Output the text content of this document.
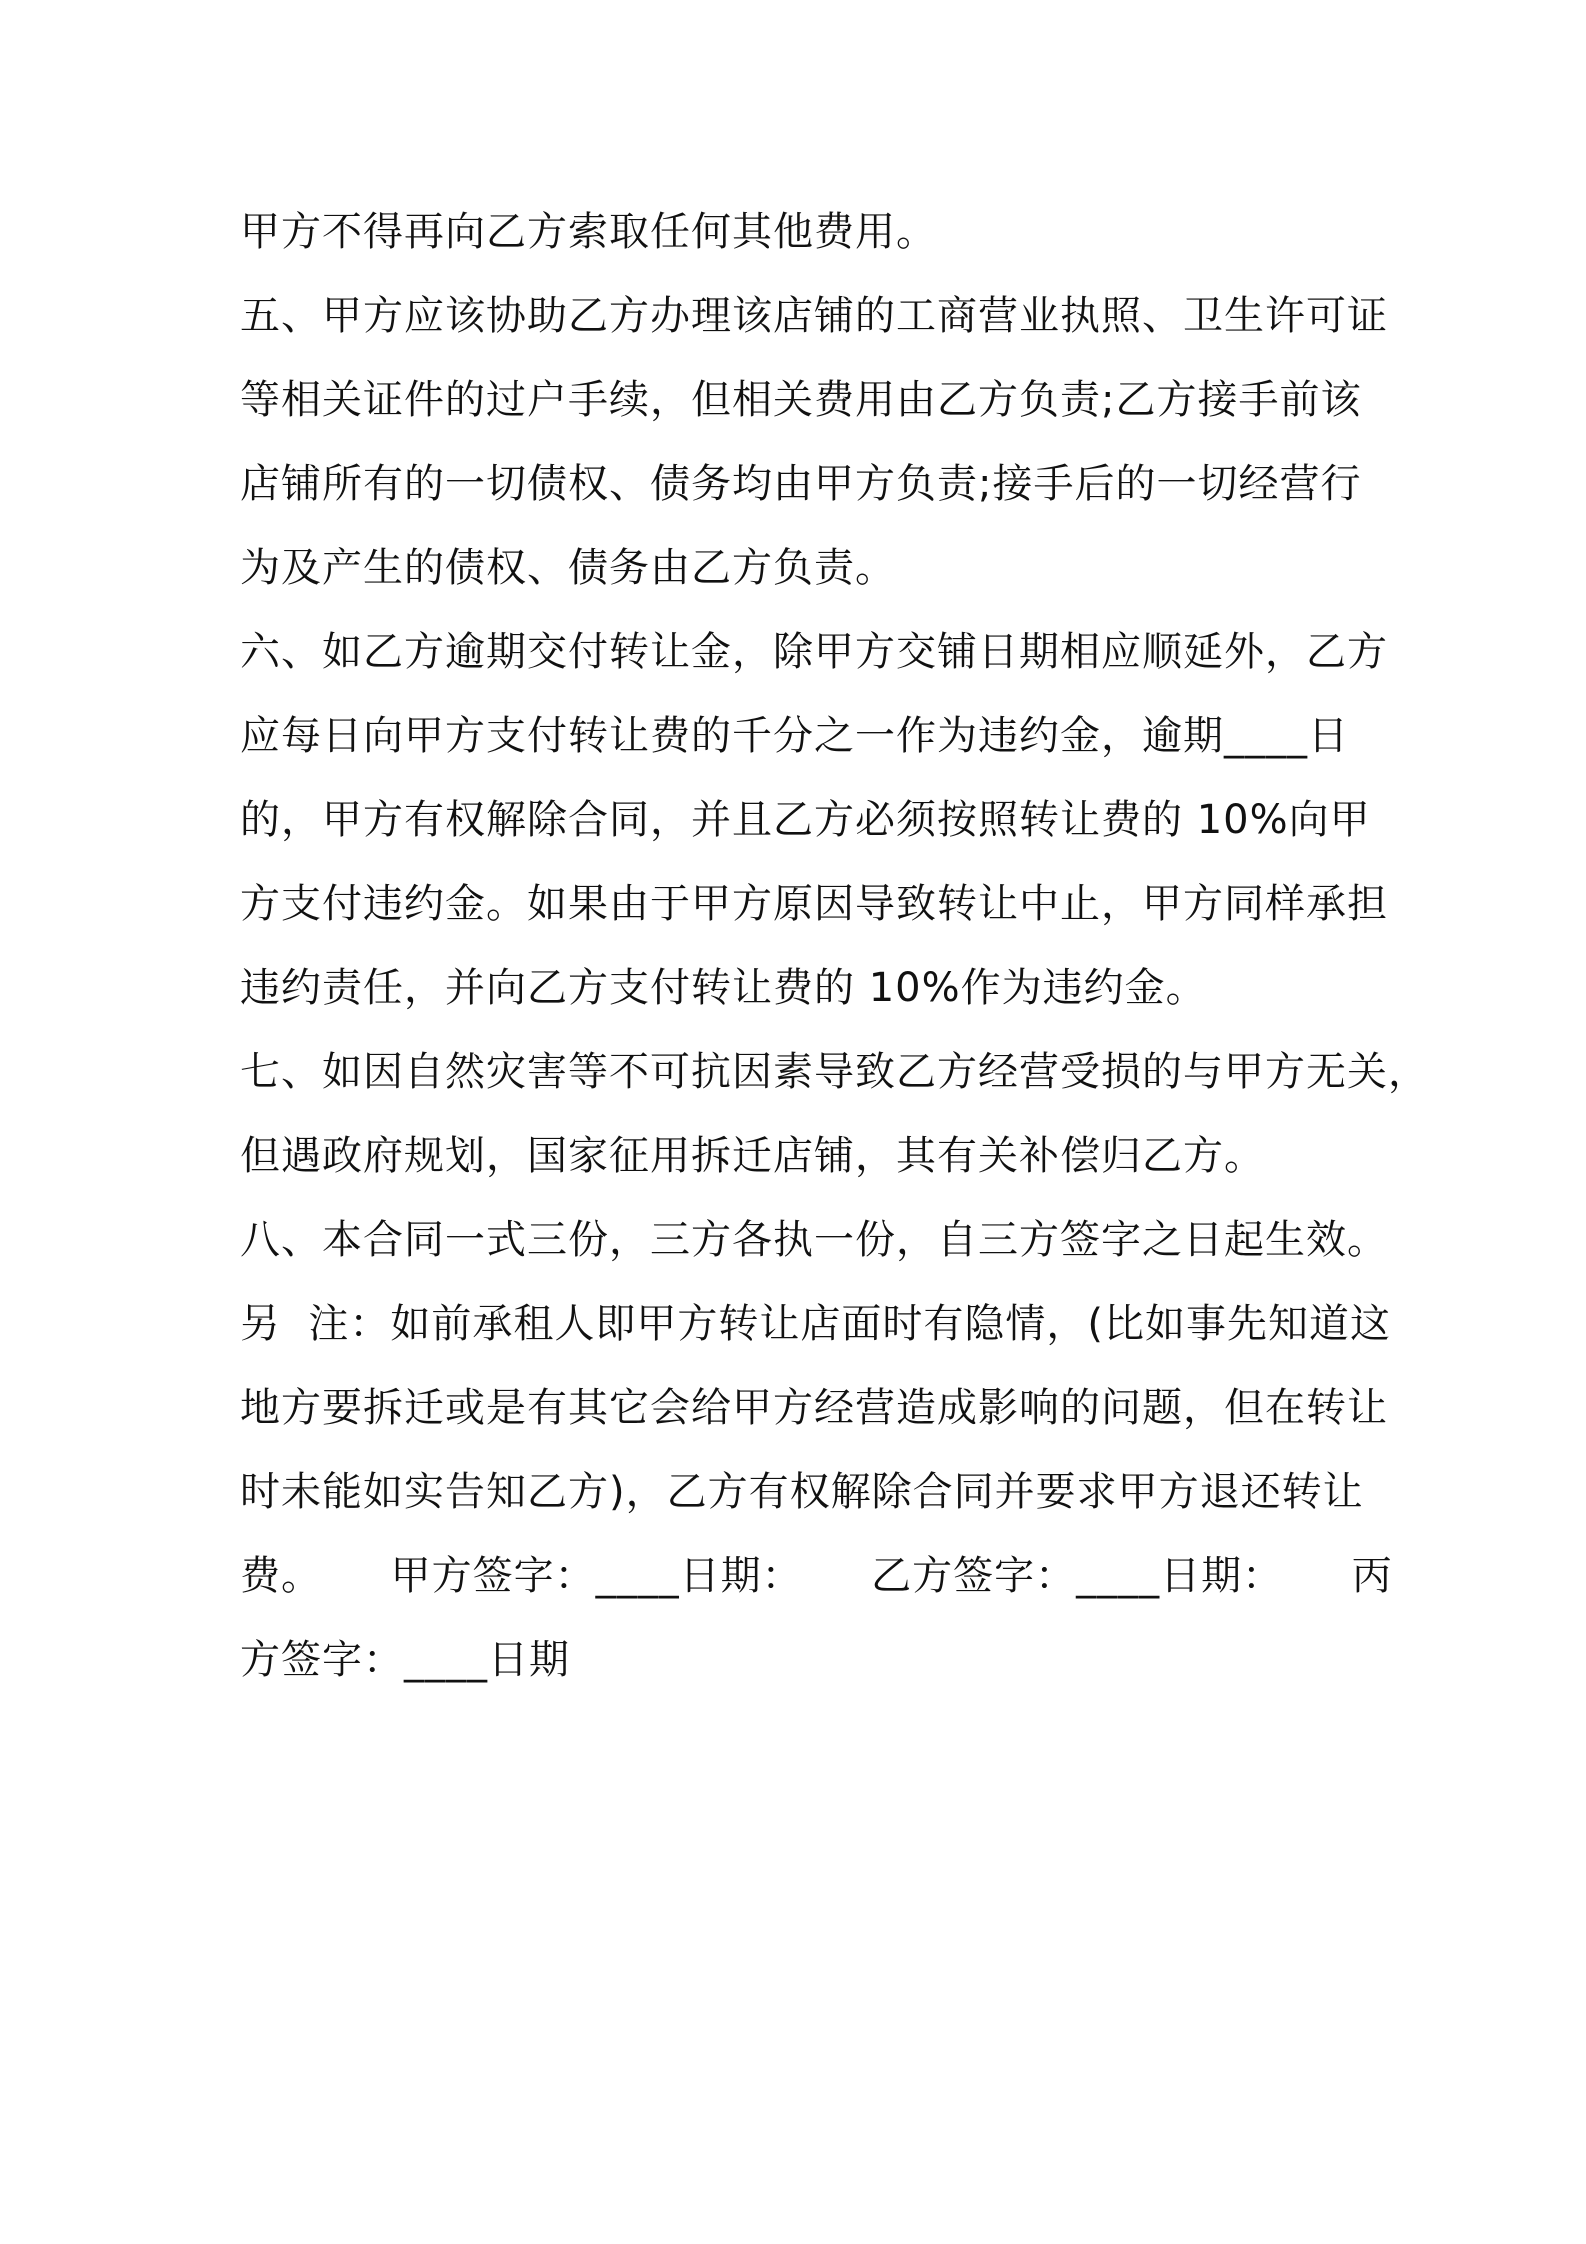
甲方不得再向乙方索取任何其他费用。
五、甲方应该协助乙方办理该店铺的工商营业执照、卫生许可证
等相关证件的过户手续，但相关费用由乙方负责;乙方接手前该
店铺所有的一切债权、债务均由甲方负责;接手后的一切经营行
为及产生的债权、债务由乙方负责。
六、如乙方逾期交付转让金，除甲方交铺日期相应顺延外，乙方
应每日向甲方支付转让费的千分之一作为违约金，逾期____日
的，甲方有权解除合同，并且乙方必须按照转让费的 10%向甲
方支付违约金。如果由于甲方原因导致转让中止，甲方同样承担
违约责任，并向乙方支付转让费的 10%作为违约金。
七、如因自然灾害等不可抗因素导致乙方经营受损的与甲方无关，
但遇政府规划，国家征用拆迁店铺，其有关补偿归乙方。
八、本合同一式三份，三方各执一份，自三方签字之日起生效。
另  注：如前承租人即甲方转让店面时有隐情，(比如事先知道这
地方要拆迁或是有其它会给甲方经营造成影响的问题，但在转让
时未能如实告知乙方)，乙方有权解除合同并要求甲方退还转让
费。     甲方签字：____日期：     乙方签字：____日期：     丙
方签字：____日期
